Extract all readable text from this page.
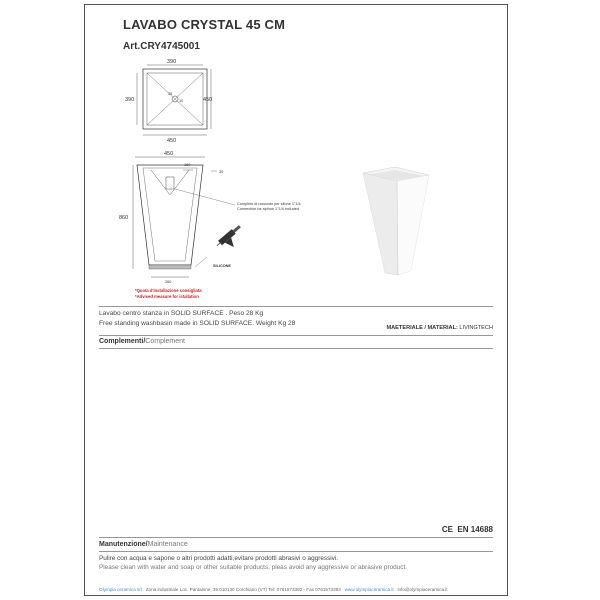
LAVABO CRYSTAL 45 CM
Art.CRY4745001
390
390	450
450
35
10
450
160
30
860
260
Completo di raccordo per sifone 1"1/4
Connection for siphon 1"1/4 included
SILICONE
*Quota d'installazione consigliata
*Advised measure for istallation
Lavabo centro stanza in SOLID SURFACE . Peso 28 Kg
Free standing washbasin made in SOLID SURFACE. Weight Kg 28
MAETERIALE / MATERIAL: LIVINGTECH
Complementi/Complement
CE EN 14688
Manutenzione/Maintenance
Pulire con acqua e sapone o altri prodotti adatti,evitare prodotti abrasivi o aggressivi.
Please clean with water and soap or other suitable products, pleas avoid any aggressive or abrasive product.
Olympia ceramica srl Zona industriale Loc. Pantalone, 35 010130 Corchiano (VT) Tel: 0761573392 - Fax 0761573393 www.olympiaceramica.it info@olympiaceramica.it
